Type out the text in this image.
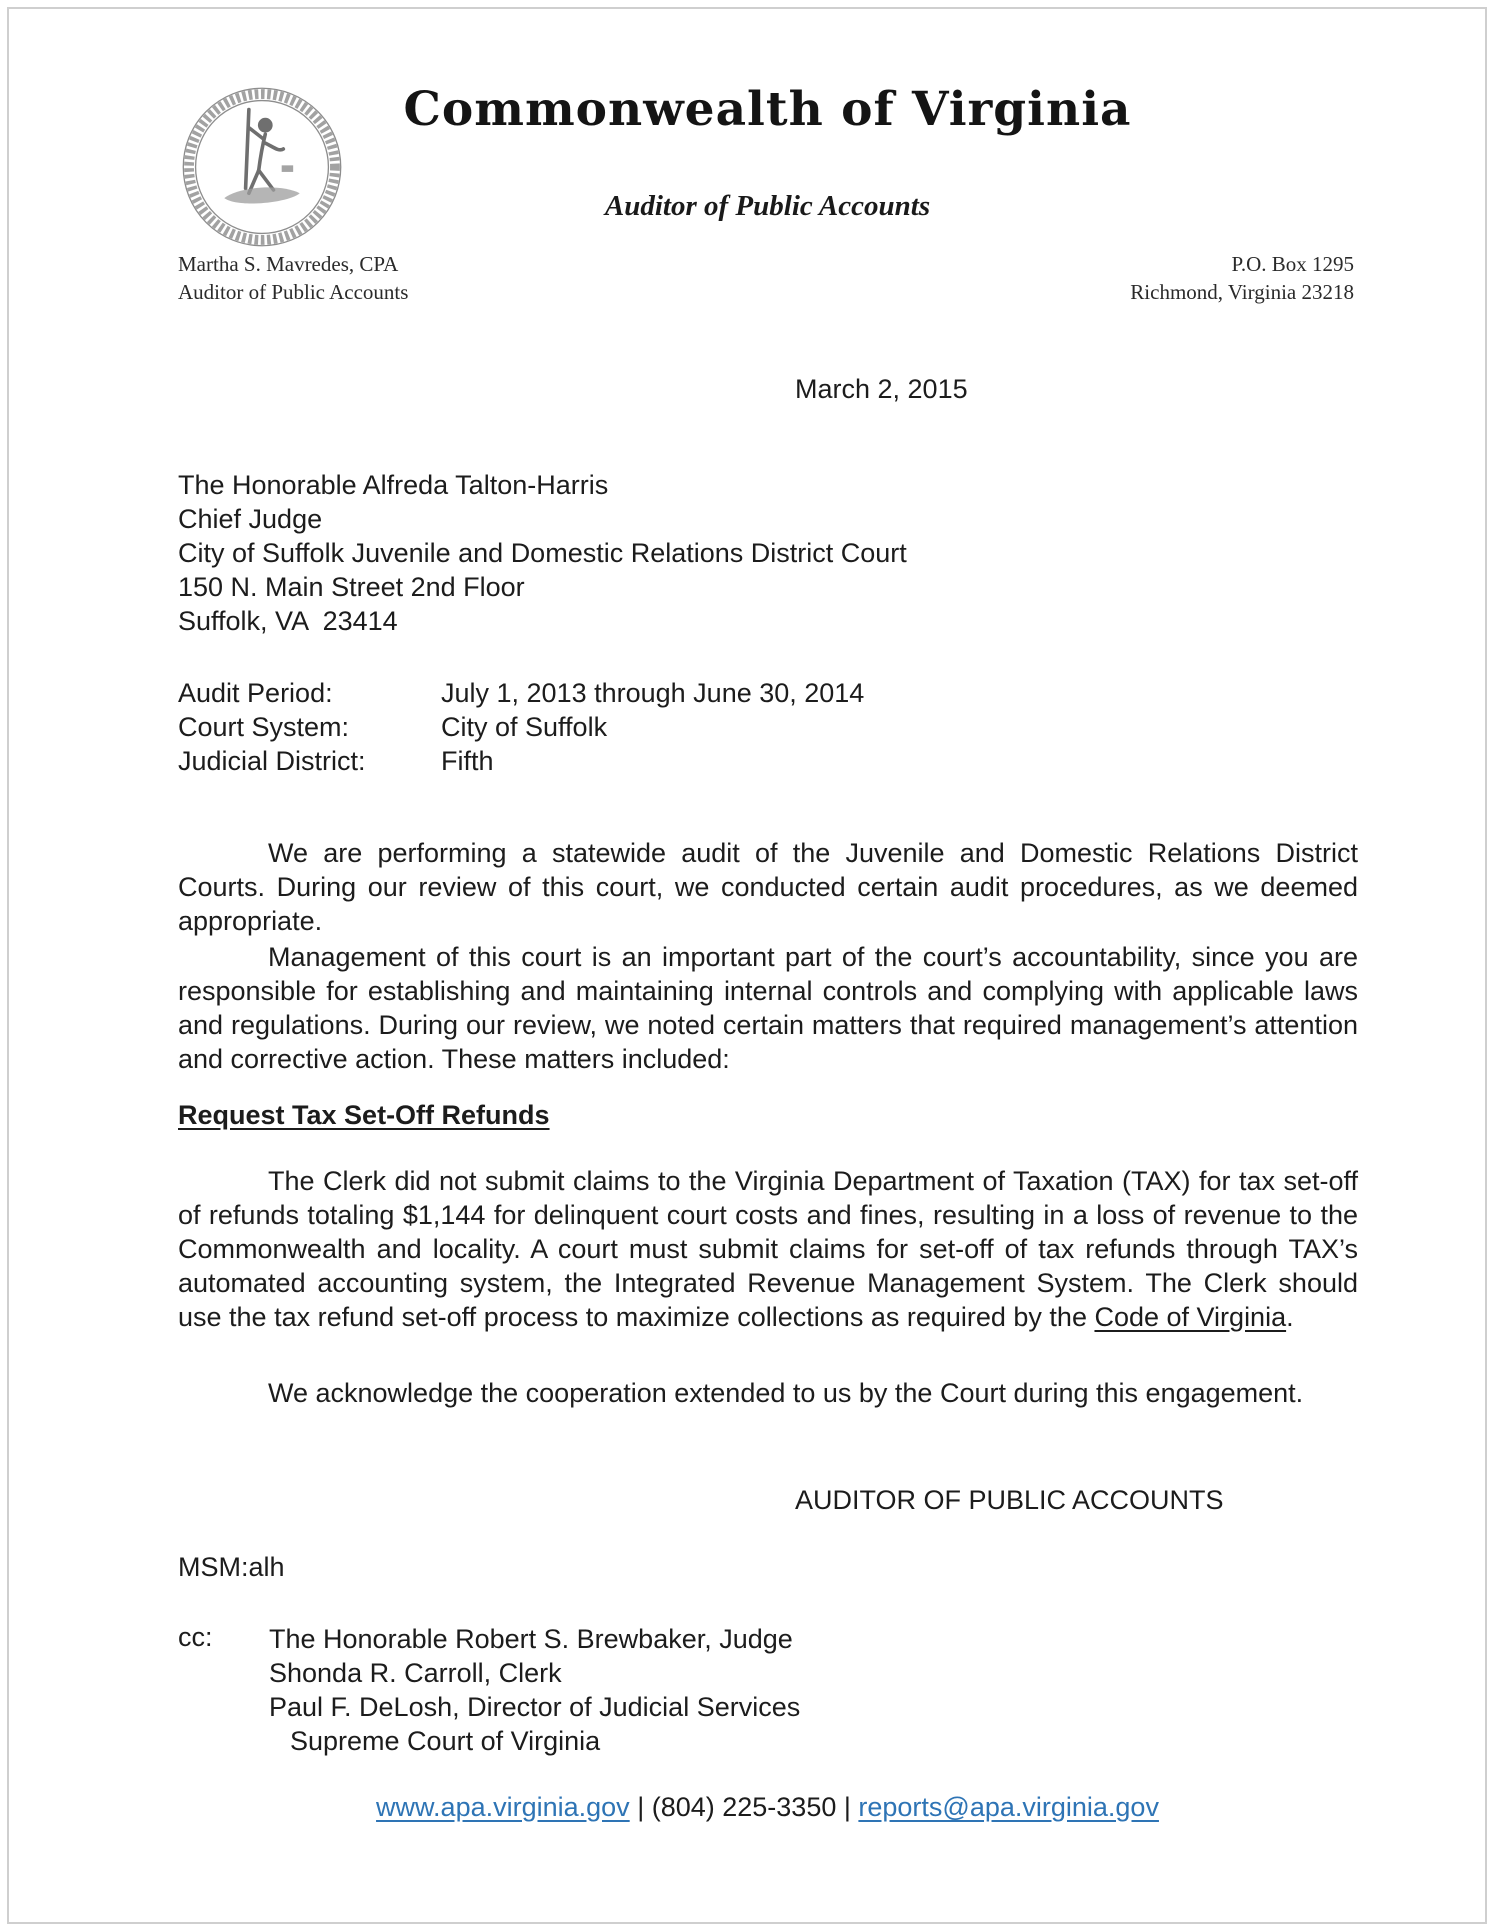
Commonwealth of Virginia
Auditor of Public Accounts
Martha S. Mavredes, CPA
Auditor of Public Accounts
P.O. Box 1295
Richmond, Virginia 23218
March 2, 2015
The Honorable Alfreda Talton-Harris
Chief Judge
City of Suffolk Juvenile and Domestic Relations District Court
150 N. Main Street 2nd Floor
Suffolk, VA  23414
Audit Period:	July 1, 2013 through June 30, 2014
Court System:	City of Suffolk
Judicial District:	Fifth

We are performing a statewide audit of the Juvenile and Domestic Relations District Courts. During our review of this court, we conducted certain audit procedures, as we deemed appropriate.

Management of this court is an important part of the court’s accountability, since you are responsible for establishing and maintaining internal controls and complying with applicable laws and regulations. During our review, we noted certain matters that required management’s attention and corrective action. These matters included:

Request Tax Set-Off Refunds

The Clerk did not submit claims to the Virginia Department of Taxation (TAX) for tax set-off of refunds totaling $1,144 for delinquent court costs and fines, resulting in a loss of revenue to the Commonwealth and locality. A court must submit claims for set-off of tax refunds through TAX’s automated accounting system, the Integrated Revenue Management System. The Clerk should use the tax refund set-off process to maximize collections as required by the Code of Virginia.

We acknowledge the cooperation extended to us by the Court during this engagement.

AUDITOR OF PUBLIC ACCOUNTS
MSM:alh
cc: The Honorable Robert S. Brewbaker, Judge
Shonda R. Carroll, Clerk
Paul F. DeLosh, Director of Judicial Services
Supreme Court of Virginia
www.apa.virginia.gov | (804) 225-3350 | reports@apa.virginia.gov
